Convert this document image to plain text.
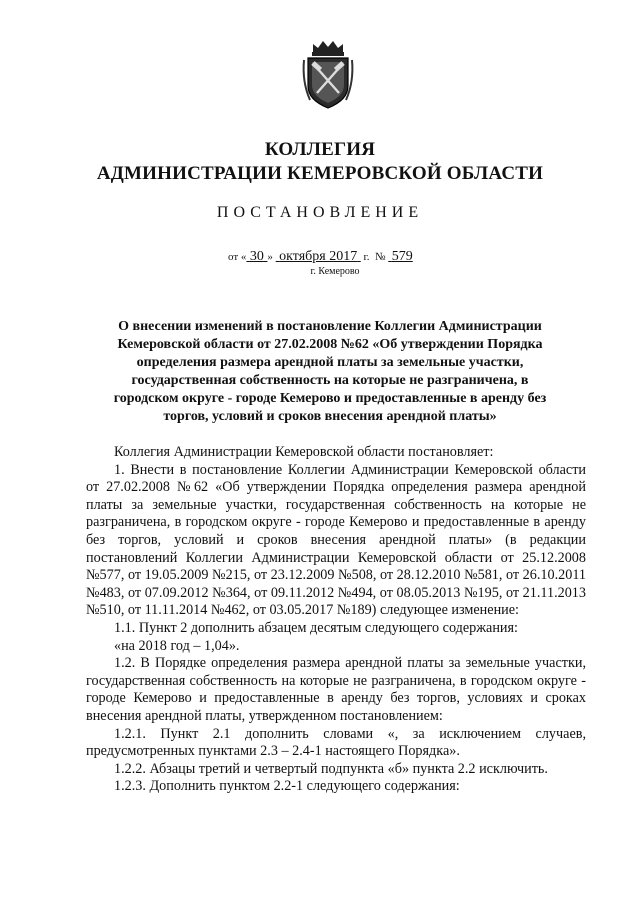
КОЛЛЕГИЯ
АДМИНИСТРАЦИИ КЕМЕРОВСКОЙ ОБЛАСТИ
ПОСТАНОВЛЕНИЕ
от « 30 » октября 2017 г. № 579
г. Кемерово
О внесении изменений в постановление Коллегии Администрации Кемеровской области от 27.02.2008 №62 «Об утверждении Порядка определения размера арендной платы за земельные участки, государственная собственность на которые не разграничена, в городском округе - городе Кемерово и предоставленные в аренду без торгов, условий и сроков внесения арендной платы»

Коллегия Администрации Кемеровской области постановляет:

1. Внести в постановление Коллегии Администрации Кемеровской области от 27.02.2008 №62 «Об утверждении Порядка определения размера арендной платы за земельные участки, государственная собственность на которые не разграничена, в городском округе - городе Кемерово и предоставленные в аренду без торгов, условий и сроков внесения арендной платы» (в редакции постановлений Коллегии Администрации Кемеровской области от 25.12.2008 №577, от 19.05.2009 №215, от 23.12.2009 №508, от 28.12.2010 №581, от 26.10.2011 №483, от 07.09.2012 №364, от 09.11.2012 №494, от 08.05.2013 №195, от 21.11.2013 №510, от 11.11.2014 №462, от 03.05.2017 №189) следующее изменение:

1.1. Пункт 2 дополнить абзацем десятым следующего содержания:

«на 2018 год – 1,04».

1.2. В Порядке определения размера арендной платы за земельные участки, государственная собственность на которые не разграничена, в городском округе - городе Кемерово и предоставленные в аренду без торгов, условиях и сроках внесения арендной платы, утвержденном постановлением:

1.2.1. Пункт 2.1 дополнить словами «, за исключением случаев, предусмотренных пунктами 2.3 – 2.4-1 настоящего Порядка».

1.2.2. Абзацы третий и четвертый подпункта «б» пункта 2.2 исключить.

1.2.3. Дополнить пунктом 2.2-1 следующего содержания:
